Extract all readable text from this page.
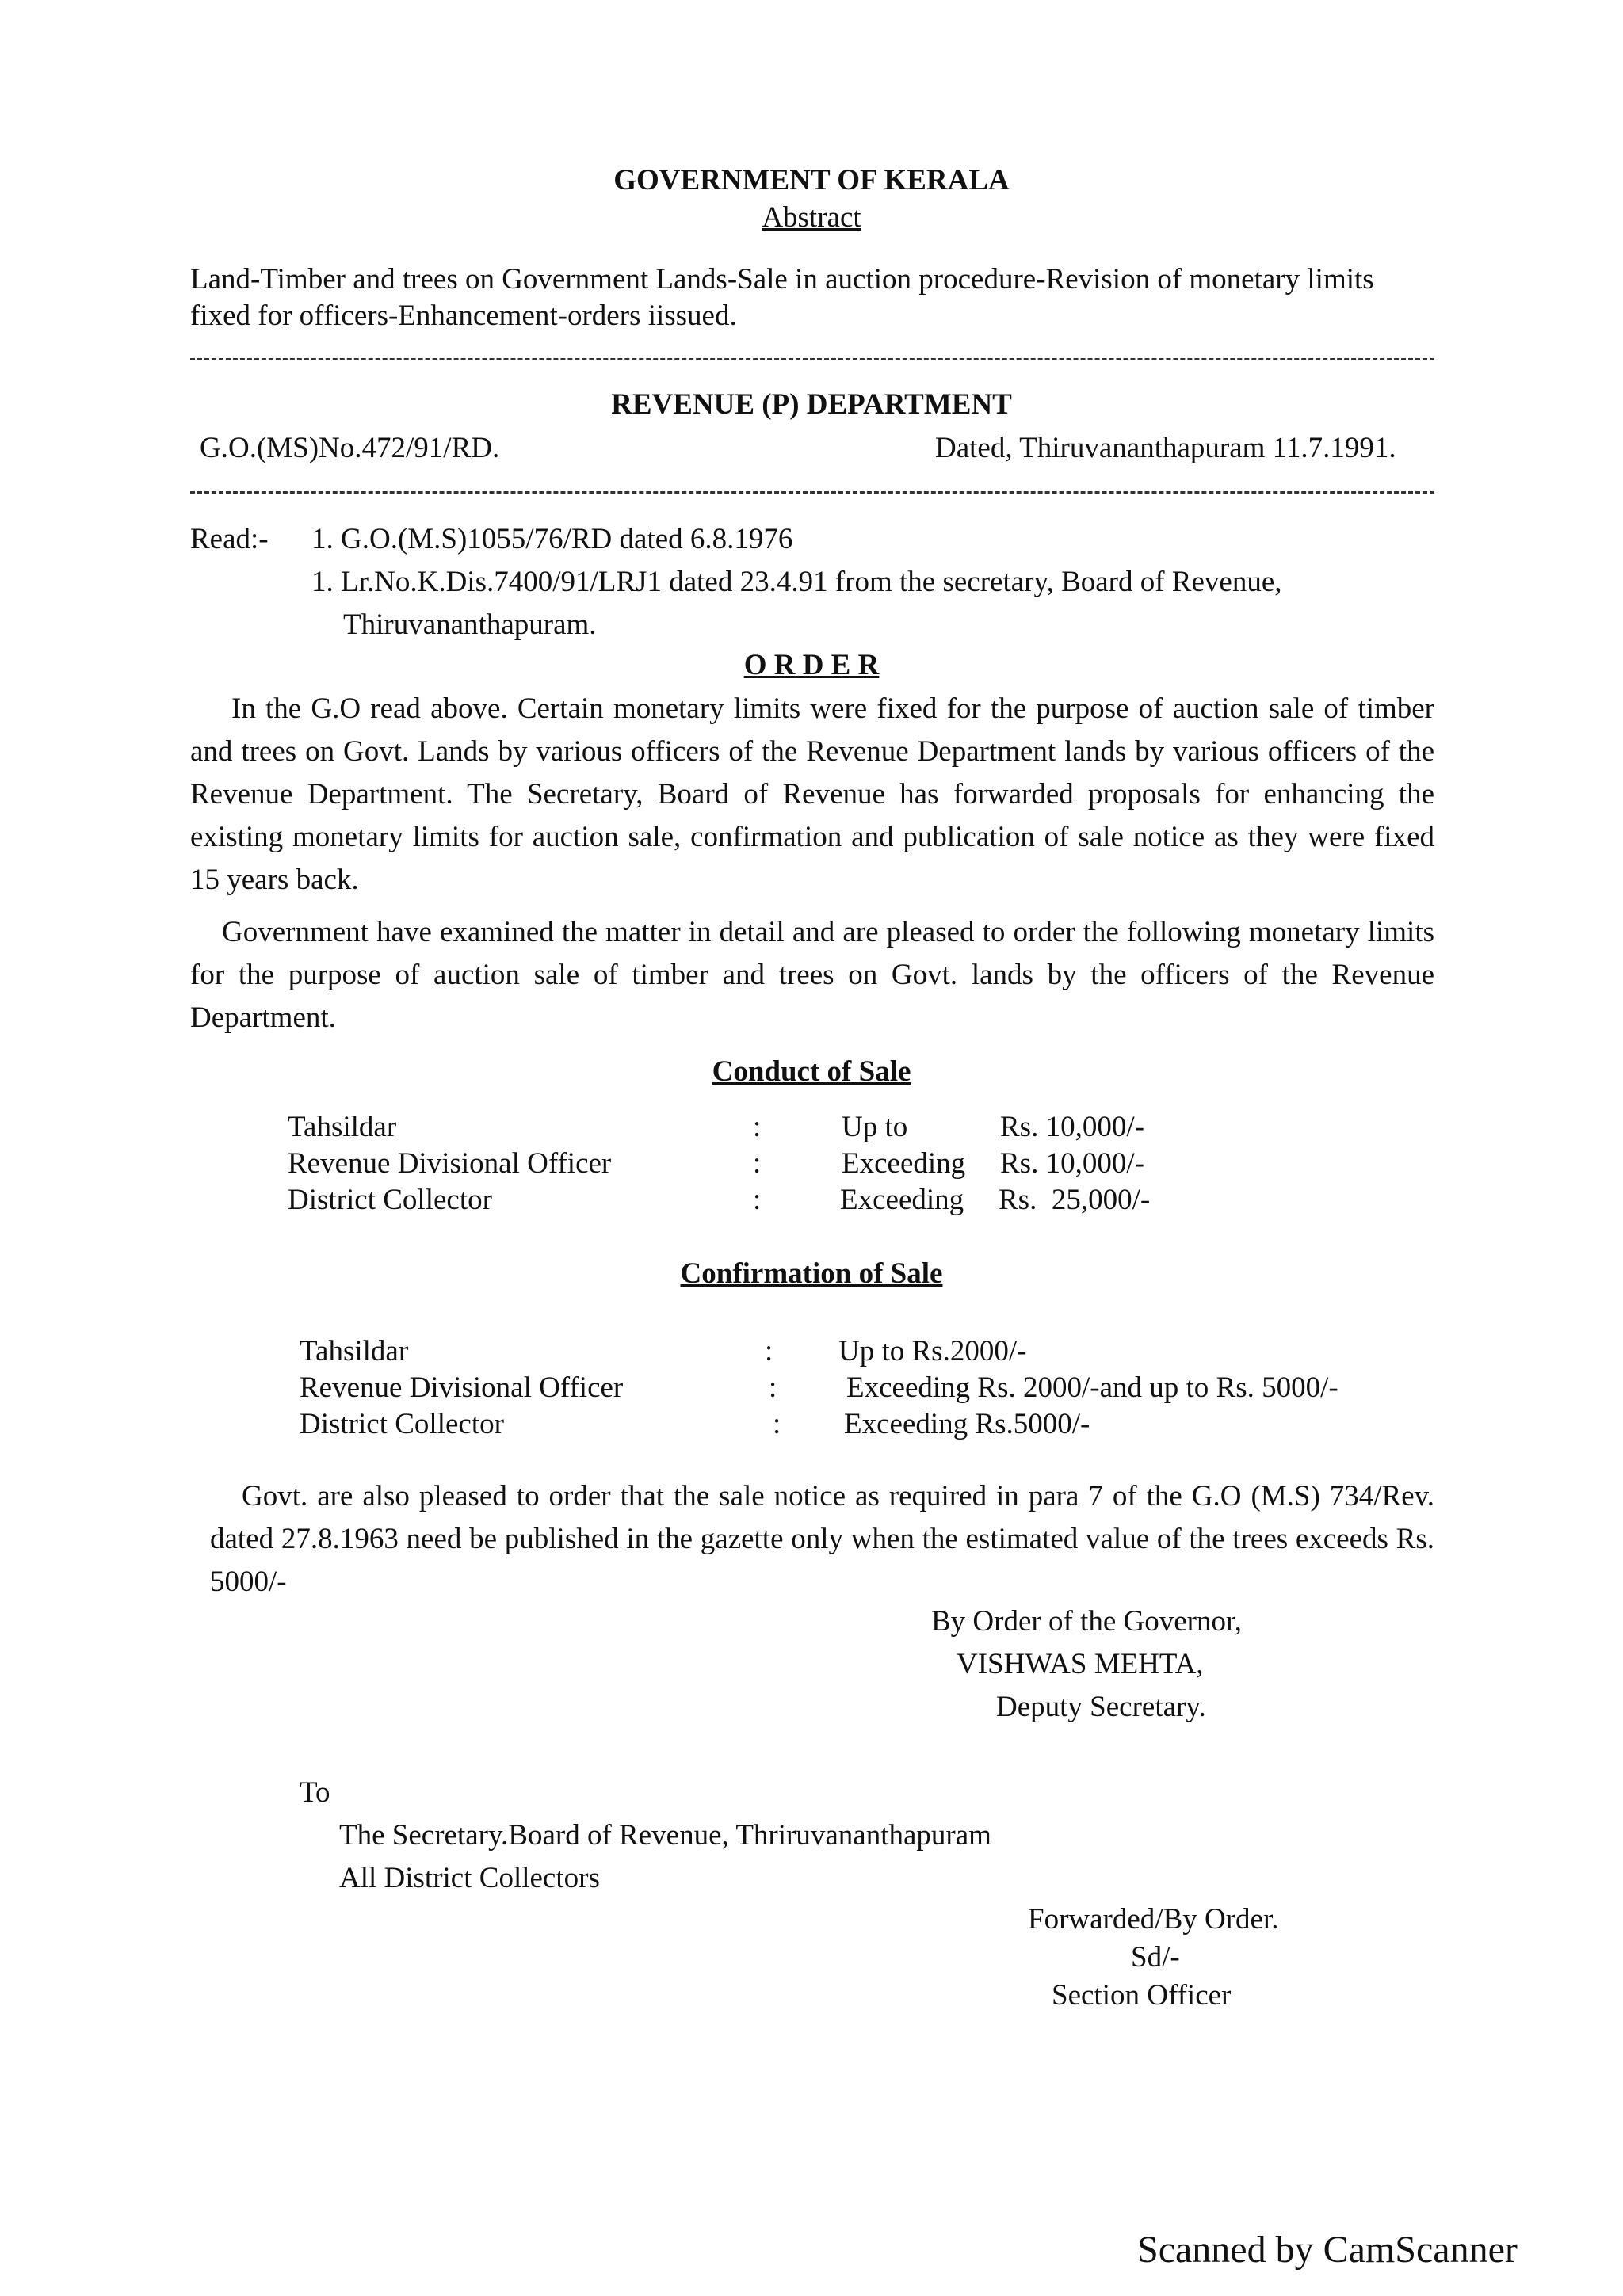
GOVERNMENT OF KERALA
Abstract
Land-Timber and trees on Government Lands-Sale in auction procedure-Revision of monetary limits fixed for officers-Enhancement-orders iissued.
REVENUE (P) DEPARTMENT
G.O.(MS)No.472/91/RD.	Dated, Thiruvananthapuram 11.7.1991.
Read:- 1. G.O.(M.S)1055/76/RD dated 6.8.1976
1. Lr.No.K.Dis.7400/91/LRJ1 dated 23.4.91 from the secretary, Board of Revenue,
Thiruvananthapuram.
O R D E R
In the G.O read above. Certain monetary limits were fixed for the purpose of auction sale of timber and trees on Govt. Lands by various officers of the Revenue Department lands by various officers of the Revenue Department. The Secretary, Board of Revenue has forwarded proposals for enhancing the existing monetary limits for auction sale, confirmation and publication of sale notice as they were fixed 15 years back.
Government have examined the matter in detail and are pleased to order the following monetary limits for the purpose of auction sale of timber and trees on Govt. lands by the officers of the Revenue Department.
Conduct of Sale
Tahsildar	:	Up to	Rs. 10,000/-
Revenue Divisional Officer	:	Exceeding Rs. 10,000/-
District Collector	:	Exceeding Rs.  25,000/-
Confirmation of Sale
Tahsildar	: Up to Rs.2000/-
Revenue Divisional Officer	: Exceeding Rs. 2000/-and up to Rs. 5000/-
District Collector	: Exceeding Rs.5000/-
Govt. are also pleased to order that the sale notice as required in para 7 of the G.O (M.S) 734/Rev. dated 27.8.1963 need be published in the gazette only when the estimated value of the trees exceeds Rs. 5000/-
By Order of the Governor,
VISHWAS MEHTA,
Deputy Secretary.
To
The Secretary.Board of Revenue, Thriruvananthapuram
All District Collectors
Forwarded/By Order.
Sd/-
Section Officer
Scanned by CamScanner
